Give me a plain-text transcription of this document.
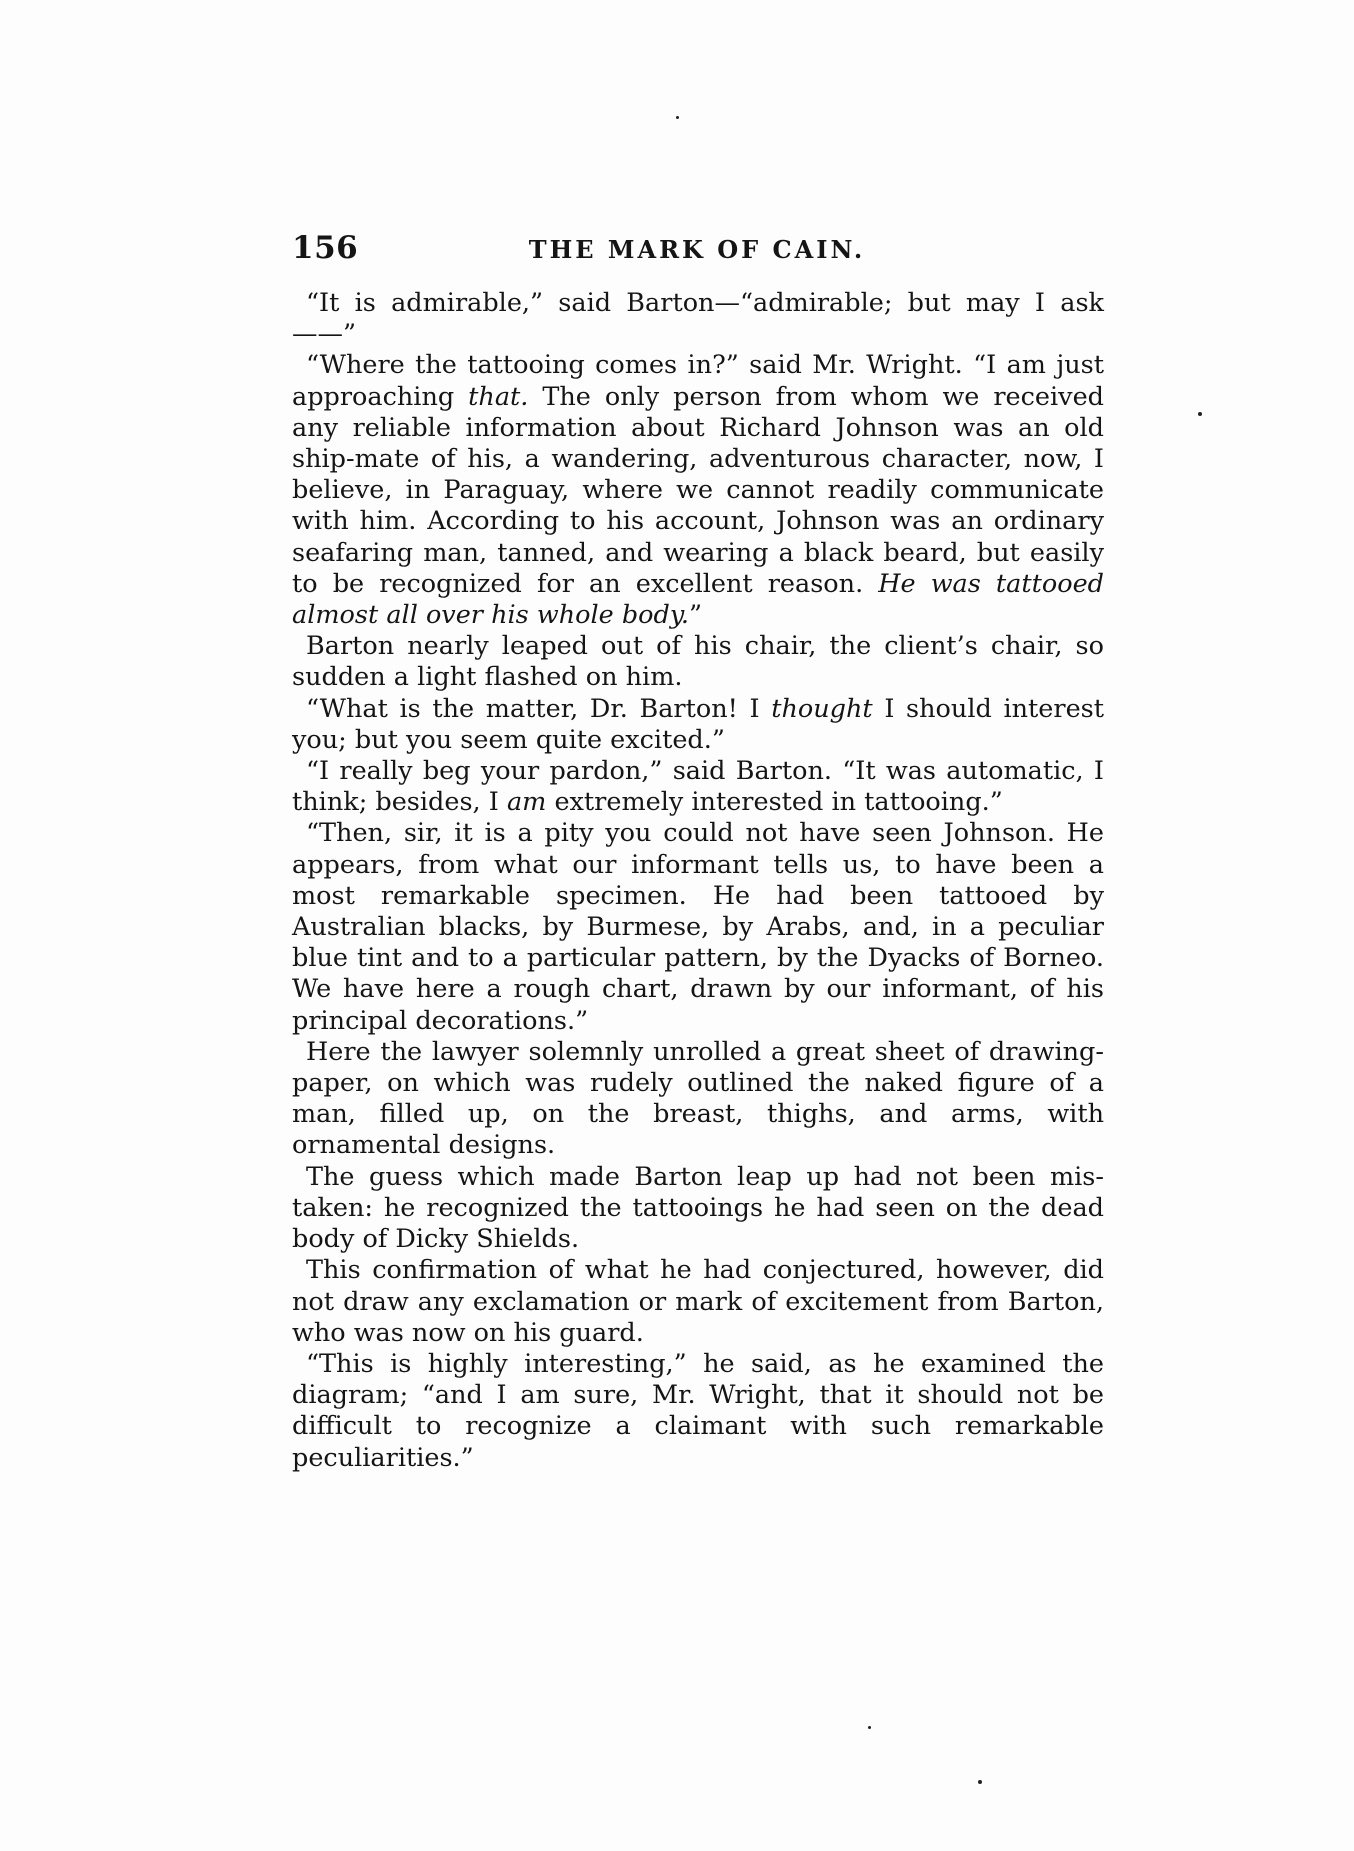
156	THE MARK OF CAIN.

“It is admirable,” said Barton—“admirable; but may I ask——”

“Where the tattooing comes in?” said Mr. Wright. “I am just approaching that. The only person from whom we received any reliable information about Richard Johnson was an old ship-mate of his, a wandering, adventurous character, now, I believe, in Paraguay, where we cannot readily communicate with him. According to his account, Johnson was an ordinary seafaring man, tanned, and wearing a black beard, but easily to be recognized for an excellent reason. He was tattooed almost all over his whole body.”

Barton nearly leaped out of his chair, the client’s chair, so sudden a light flashed on him.

“What is the matter, Dr. Barton! I thought I should interest you; but you seem quite excited.”

“I really beg your pardon,” said Barton. “It was automatic, I think; besides, I am extremely interested in tattooing.”

“Then, sir, it is a pity you could not have seen Johnson. He appears, from what our informant tells us, to have been a most remarkable specimen. He had been tattooed by Australian blacks, by Burmese, by Arabs, and, in a peculiar blue tint and to a particular pattern, by the Dyacks of Borneo. We have here a rough chart, drawn by our informant, of his principal decorations.”

Here the lawyer solemnly unrolled a great sheet of drawing-paper, on which was rudely outlined the naked figure of a man, filled up, on the breast, thighs, and arms, with ornamental designs.

The guess which made Barton leap up had not been mistaken: he recognized the tattooings he had seen on the dead body of Dicky Shields.

This confirmation of what he had conjectured, however, did not draw any exclamation or mark of excitement from Barton, who was now on his guard.

“This is highly interesting,” he said, as he examined the diagram; “and I am sure, Mr. Wright, that it should not be difficult to recognize a claimant with such remarkable peculiarities.”
